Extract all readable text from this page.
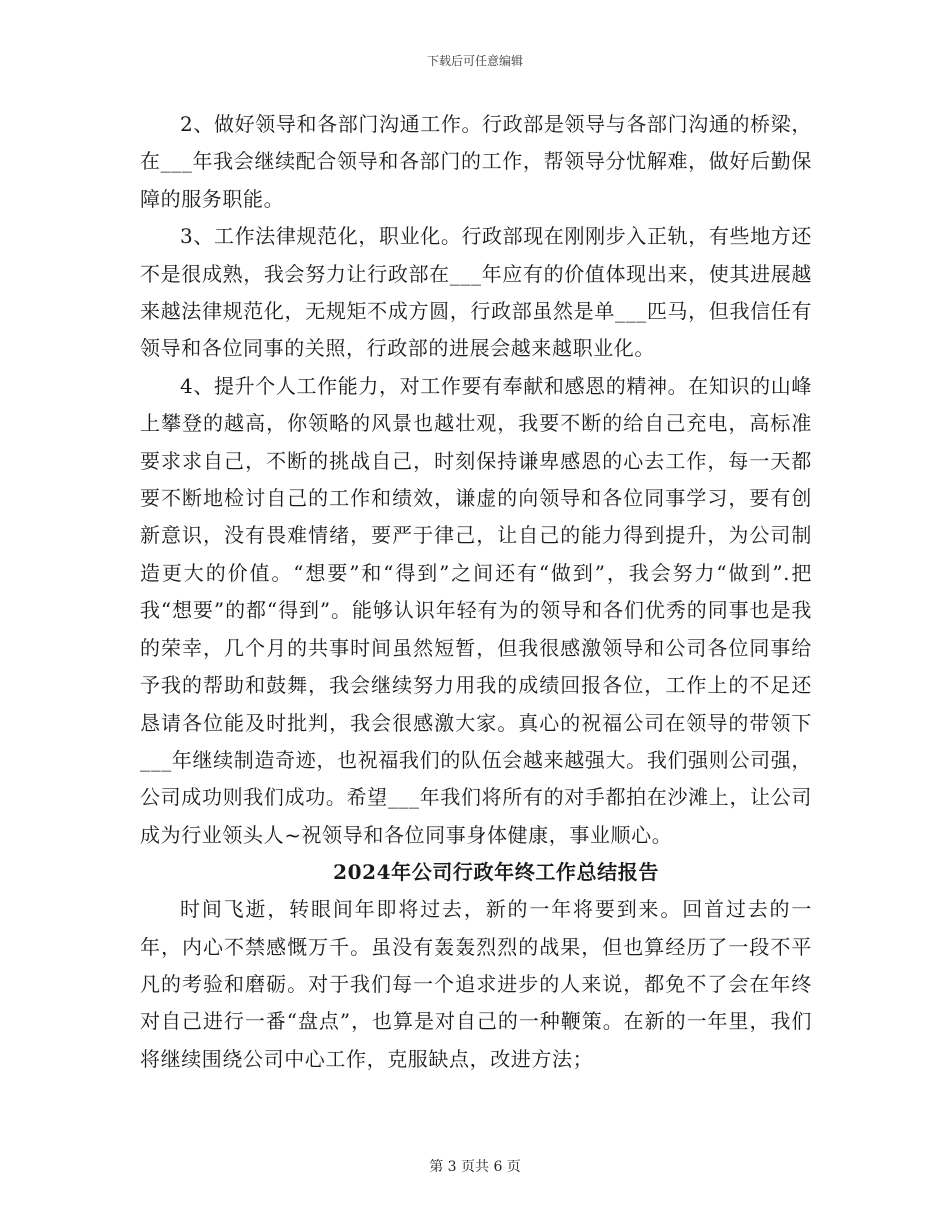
下载后可任意编辑

2、做好领导和各部门沟通工作。行政部是领导与各部门沟通的桥梁，在___年我会继续配合领导和各部门的工作，帮领导分忧解难，做好后勤保障的服务职能。

3、工作法律规范化，职业化。行政部现在刚刚步入正轨，有些地方还不是很成熟，我会努力让行政部在___年应有的价值体现出来，使其进展越来越法律规范化，无规矩不成方圆，行政部虽然是单___匹马，但我信任有领导和各位同事的关照，行政部的进展会越来越职业化。

4、提升个人工作能力，对工作要有奉献和感恩的精神。在知识的山峰上攀登的越高，你领略的风景也越壮观，我要不断的给自己充电，高标准要求求自己，不断的挑战自己，时刻保持谦卑感恩的心去工作，每一天都要不断地检讨自己的工作和绩效，谦虚的向领导和各位同事学习，要有创新意识，没有畏难情绪，要严于律己，让自己的能力得到提升，为公司制造更大的价值。“想要”和“得到”之间还有“做到”，我会努力“做到”.把我“想要”的都“得到”。能够认识年轻有为的领导和各们优秀的同事也是我的荣幸，几个月的共事时间虽然短暂，但我很感激领导和公司各位同事给予我的帮助和鼓舞，我会继续努力用我的成绩回报各位，工作上的不足还恳请各位能及时批判，我会很感激大家。真心的祝福公司在领导的带领下___年继续制造奇迹，也祝福我们的队伍会越来越强大。我们强则公司强，公司成功则我们成功。希望___年我们将所有的对手都拍在沙滩上，让公司成为行业领头人~祝领导和各位同事身体健康，事业顺心。

2024年公司行政年终工作总结报告

时间飞逝，转眼间年即将过去，新的一年将要到来。回首过去的一年，内心不禁感慨万千。虽没有轰轰烈烈的战果，但也算经历了一段不平凡的考验和磨砺。对于我们每一个追求进步的人来说，都免不了会在年终对自己进行一番“盘点”，也算是对自己的一种鞭策。在新的一年里，我们将继续围绕公司中心工作，克服缺点，改进方法；

第 3 页共 6 页
